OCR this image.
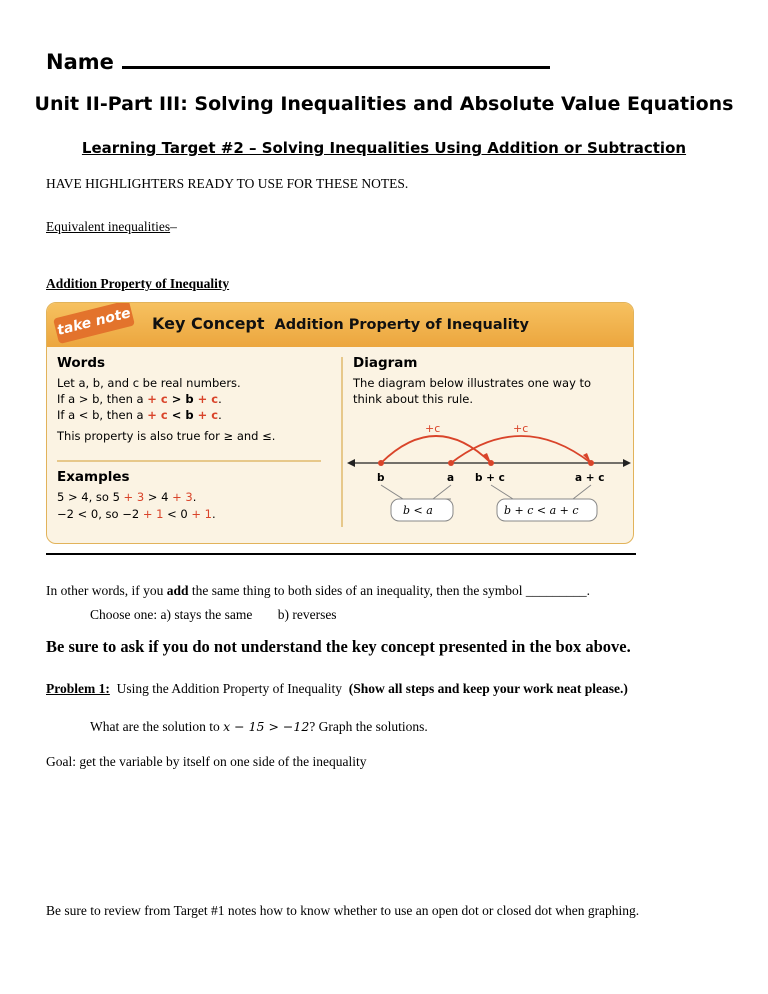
Name
Unit II-Part III: Solving Inequalities and Absolute Value Equations
Learning Target #2 – Solving Inequalities Using Addition or Subtraction
HAVE HIGHLIGHTERS READY TO USE FOR THESE NOTES.
Equivalent inequalities–
Addition Property of Inequality
take note Key Concept Addition Property of Inequality
Words
Let a, b, and c be real numbers.
If a > b, then a + c > b + c.
If a < b, then a + c < b + c.
This property is also true for ≥ and ≤.
Examples
5 > 4, so 5 + 3 > 4 + 3.
−2 < 0, so −2 + 1 < 0 + 1.
Diagram
The diagram below illustrates one way to think about this rule.
+c	+c
b	a b + c	a + c
b < a	b + c < a + c
In other words, if you add the same thing to both sides of an inequality, then the symbol _________.
Choose one: a) stays the same b) reverses
Be sure to ask if you do not understand the key concept presented in the box above.
Problem 1: Using the Addition Property of Inequality (Show all steps and keep your work neat please.)
What are the solution to x − 15 > −12? Graph the solutions.
Goal: get the variable by itself on one side of the inequality
Be sure to review from Target #1 notes how to know whether to use an open dot or closed dot when graphing.
